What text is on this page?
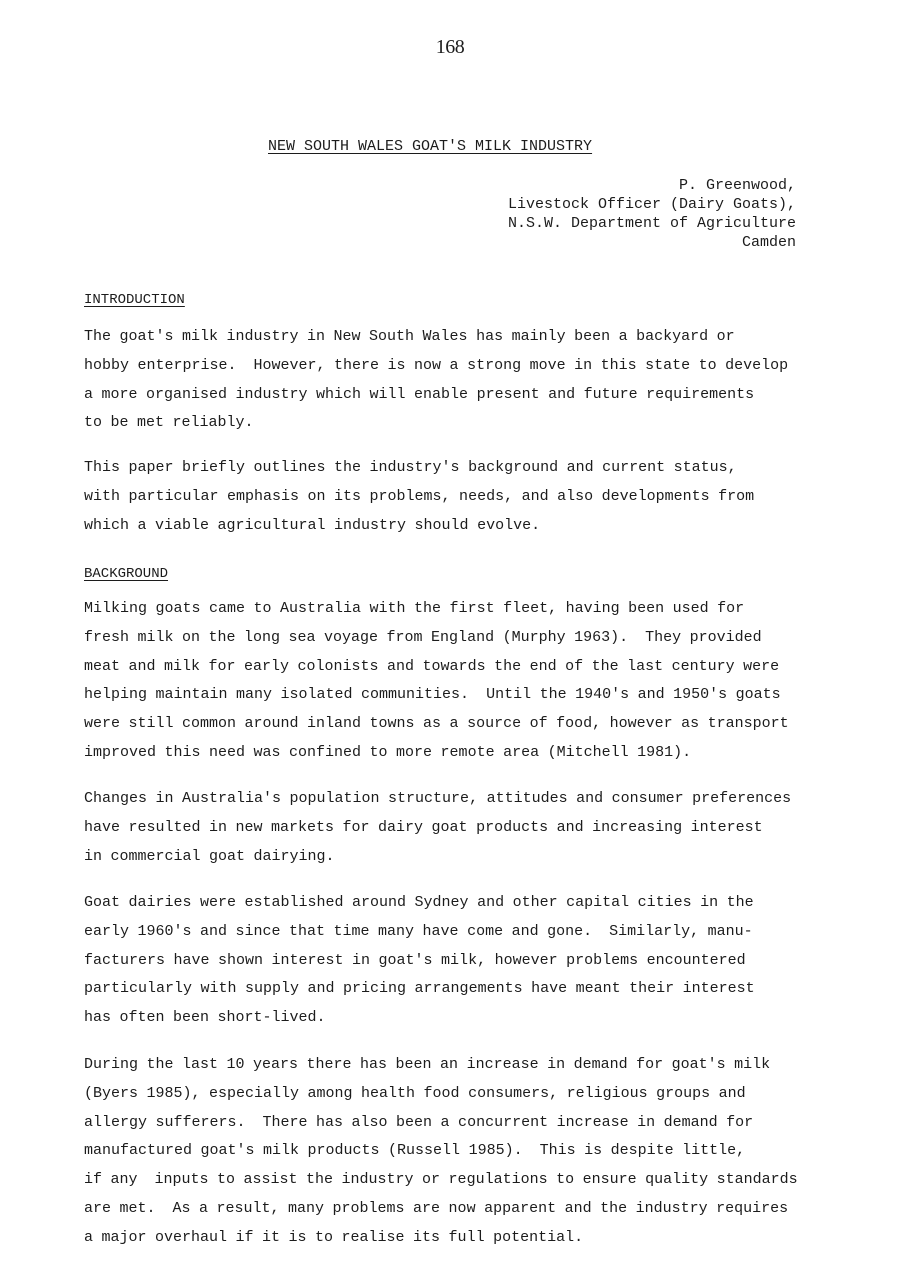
168
NEW SOUTH WALES GOAT'S MILK INDUSTRY
P. Greenwood,
Livestock Officer (Dairy Goats),
N.S.W. Department of Agriculture
Camden
INTRODUCTION
The goat's milk industry in New South Wales has mainly been a backyard or
hobby enterprise.  However, there is now a strong move in this state to develop
a more organised industry which will enable present and future requirements
to be met reliably.
This paper briefly outlines the industry's background and current status,
with particular emphasis on its problems, needs, and also developments from
which a viable agricultural industry should evolve.
BACKGROUND
Milking goats came to Australia with the first fleet, having been used for
fresh milk on the long sea voyage from England (Murphy 1963).  They provided
meat and milk for early colonists and towards the end of the last century were
helping maintain many isolated communities.  Until the 1940's and 1950's goats
were still common around inland towns as a source of food, however as transport
improved this need was confined to more remote area (Mitchell 1981).
Changes in Australia's population structure, attitudes and consumer preferences
have resulted in new markets for dairy goat products and increasing interest
in commercial goat dairying.
Goat dairies were established around Sydney and other capital cities in the
early 1960's and since that time many have come and gone.  Similarly, manu-
facturers have shown interest in goat's milk, however problems encountered
particularly with supply and pricing arrangements have meant their interest
has often been short-lived.
During the last 10 years there has been an increase in demand for goat's milk
(Byers 1985), especially among health food consumers, religious groups and
allergy sufferers.  There has also been a concurrent increase in demand for
manufactured goat's milk products (Russell 1985).  This is despite little,
if any  inputs to assist the industry or regulations to ensure quality standards
are met.  As a result, many problems are now apparent and the industry requires
a major overhaul if it is to realise its full potential.
